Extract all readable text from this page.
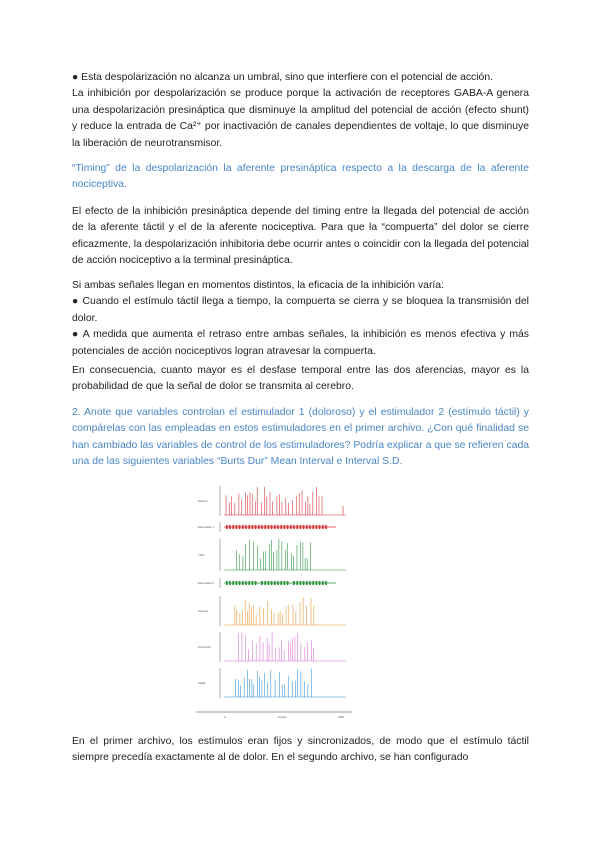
● Esta despolarización no alcanza un umbral, sino que interfiere con el potencial de acción.
La inhibición por despolarización se produce porque la activación de receptores GABA-A genera una despolarización presináptica que disminuye la amplitud del potencial de acción (efecto shunt) y reduce la entrada de Ca²⁺ por inactivación de canales dependientes de voltaje, lo que disminuye la liberación de neurotransmisor.

“Timing” de la despolarización la aferente presináptica respecto a la descarga de la aferente nociceptiva.

El efecto de la inhibición presináptica depende del timing entre la llegada del potencial de acción de la aferente táctil y el de la aferente nociceptiva. Para que la “compuerta” del dolor se cierre eficazmente, la despolarización inhibitoria debe ocurrir antes o coincidir con la llegada del potencial de acción nociceptivo a la terminal presináptica.

Si ambas señales llegan en momentos distintos, la eficacia de la inhibición varía:
● Cuando el estímulo táctil llega a tiempo, la compuerta se cierra y se bloquea la transmisión del dolor.
● A medida que aumenta el retraso entre ambas señales, la inhibición es menos efectiva y más potenciales de acción nociceptivos logran atravesar la compuerta.

En consecuencia, cuanto mayor es el desfase temporal entre las dos aferencias, mayor es la probabilidad de que la señal de dolor se transmita al cerebro.

2. Anote que variables controlan el estimulador 1 (doloroso) y el estimulador 2 (estímulo táctil) y compárelas con las empleadas en estos estimuladores en el primer archivo. ¿Con qué finalidad se han cambiado las variables de control de los estimuladores? Podría explicar a que se refieren cada una de las siguientes variables “Burts Dur” Mean Interval e Interval S.D.

Nocicep.
Estimulador 1
Táctil
Estimulador 2
Interneur.
Proyección
Salida
0	2000
Tiempo

En el primer archivo, los estímulos eran fijos y sincronizados, de modo que el estímulo táctil siempre precedía exactamente al de dolor. En el segundo archivo, se han configurado
